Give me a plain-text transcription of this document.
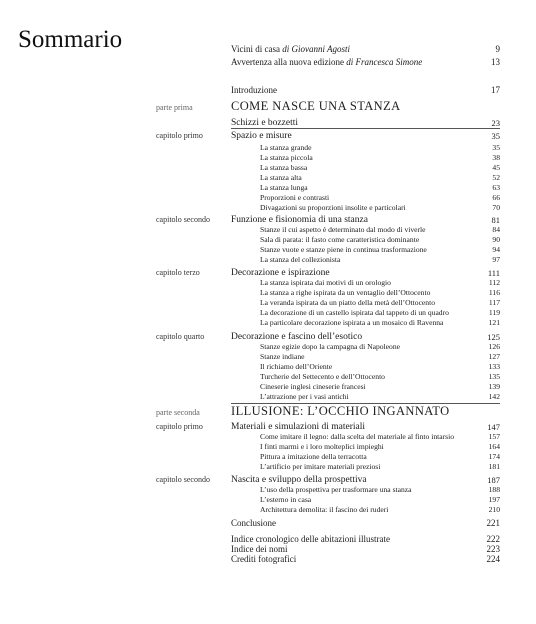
Sommario	Vicini di casa di Giovanni Agosti	9
Avvertenza alla nuova edizione di Francesca Simone	13
Introduzione	17
parte prima	COME NASCE UNA STANZA
Schizzi e bozzetti	23
capitolo primo	Spazio e misure	35
La stanza grande	35
La stanza piccola	38
La stanza bassa	45
La stanza alta	52
La stanza lunga	63
Proporzioni e contrasti	66
Divagazioni su proporzioni insolite e particolari	70
capitolo secondo Funzione e fisionomia di una stanza	81
Stanze il cui aspetto è determinato dal modo di viverle	84
Sala di parata: il fasto come caratteristica dominante	90
Stanze vuote e stanze piene in continua trasformazione	94
La stanza del collezionista	97
capitolo terzo	Decorazione e ispirazione	111
La stanza ispirata dai motivi di un orologio	112
La stanza a righe ispirata da un ventaglio dell’Ottocento	116
La veranda ispirata da un piatto della metà dell’Ottocento	117
La decorazione di un castello ispirata dal tappeto di un quadro	119
La particolare decorazione ispirata a un mosaico di Ravenna	121
capitolo quarto	Decorazione e fascino dell’esotico	125
Stanze egizie dopo la campagna di Napoleone	126
Stanze indiane	127
Il richiamo dell’Oriente	133
Turcherie del Settecento e dell’Ottocento	135
Cineserie inglesi cineserie francesi	139
L’attrazione per i vasi antichi	142
parte seconda ILLUSIONE: L’OCCHIO INGANNATO
capitolo primo	Materiali e simulazioni di materiali	147
Come imitare il legno: dalla scelta del materiale al finto intarsio	157
I finti marmi e i loro molteplici impieghi	164
Pittura a imitazione della terracotta	174
L’artificio per imitare materiali preziosi	181
capitolo secondo Nascita e sviluppo della prospettiva	187
L’uso della prospettiva per trasformare una stanza	188
L’esterno in casa	197
Architettura demolita: il fascino dei ruderi	210
Conclusione	221
Indice cronologico delle abitazioni illustrate	222
Indice dei nomi	223
Crediti fotografici	224
